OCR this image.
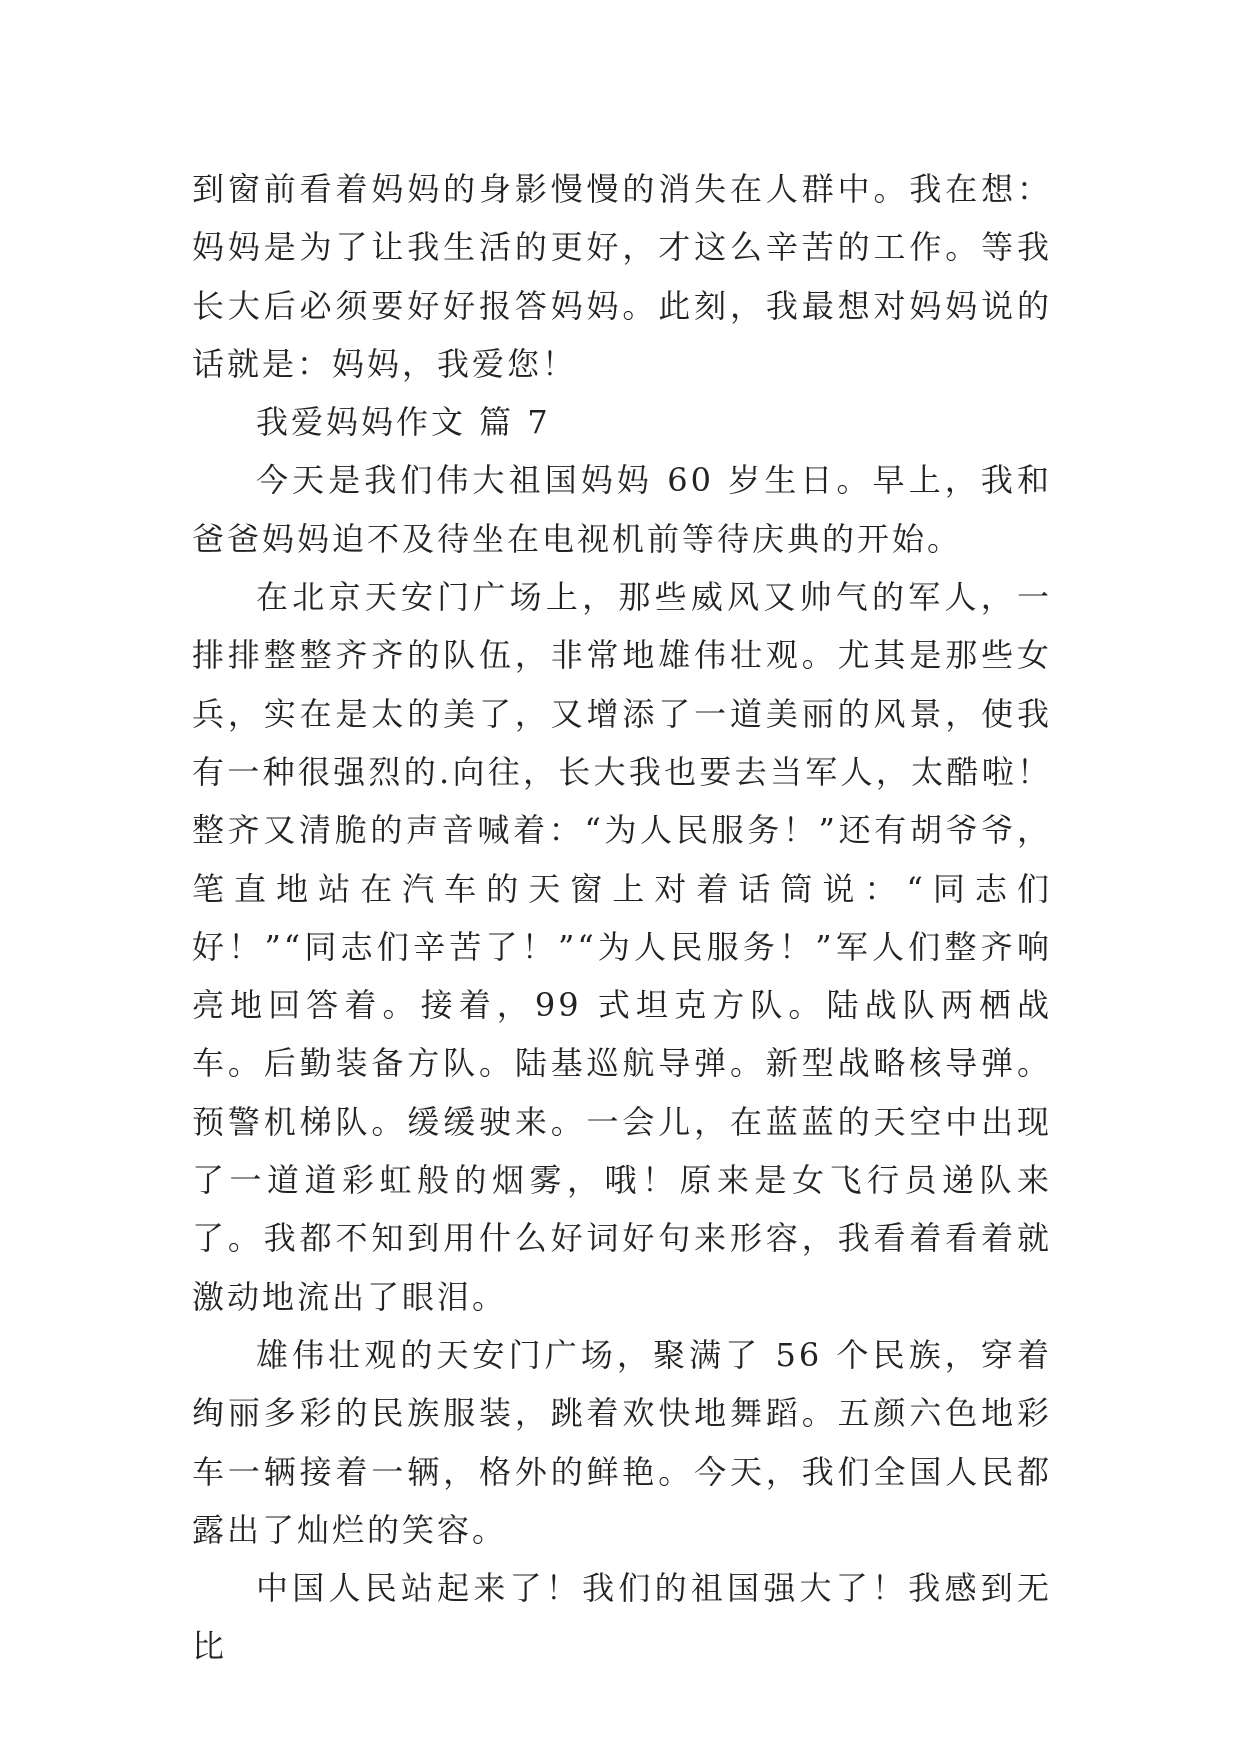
到窗前看着妈妈的身影慢慢的消失在人群中。我在想：妈妈是为了让我生活的更好，才这么辛苦的工作。等我长大后必须要好好报答妈妈。此刻，我最想对妈妈说的话就是：妈妈，我爱您！

我爱妈妈作文 篇 7

今天是我们伟大祖国妈妈 60 岁生日。早上，我和爸爸妈妈迫不及待坐在电视机前等待庆典的开始。

在北京天安门广场上，那些威风又帅气的军人，一排排整整齐齐的队伍，非常地雄伟壮观。尤其是那些女兵，实在是太的美了，又增添了一道美丽的风景，使我有一种很强烈的.向往，长大我也要去当军人，太酷啦！整齐又清脆的声音喊着：“为人民服务！”还有胡爷爷，笔直地站在汽车的天窗上对着话筒说：“同志们好！”“同志们辛苦了！”“为人民服务！”军人们整齐响亮地回答着。接着，99 式坦克方队。陆战队两栖战车。后勤装备方队。陆基巡航导弹。新型战略核导弹。预警机梯队。缓缓驶来。一会儿，在蓝蓝的天空中出现了一道道彩虹般的烟雾，哦！原来是女飞行员递队来了。我都不知到用什么好词好句来形容，我看着看着就激动地流出了眼泪。

雄伟壮观的天安门广场，聚满了 56 个民族，穿着绚丽多彩的民族服装，跳着欢快地舞蹈。五颜六色地彩车一辆接着一辆，格外的鲜艳。今天，我们全国人民都露出了灿烂的笑容。

中国人民站起来了！我们的祖国强大了！我感到无比
